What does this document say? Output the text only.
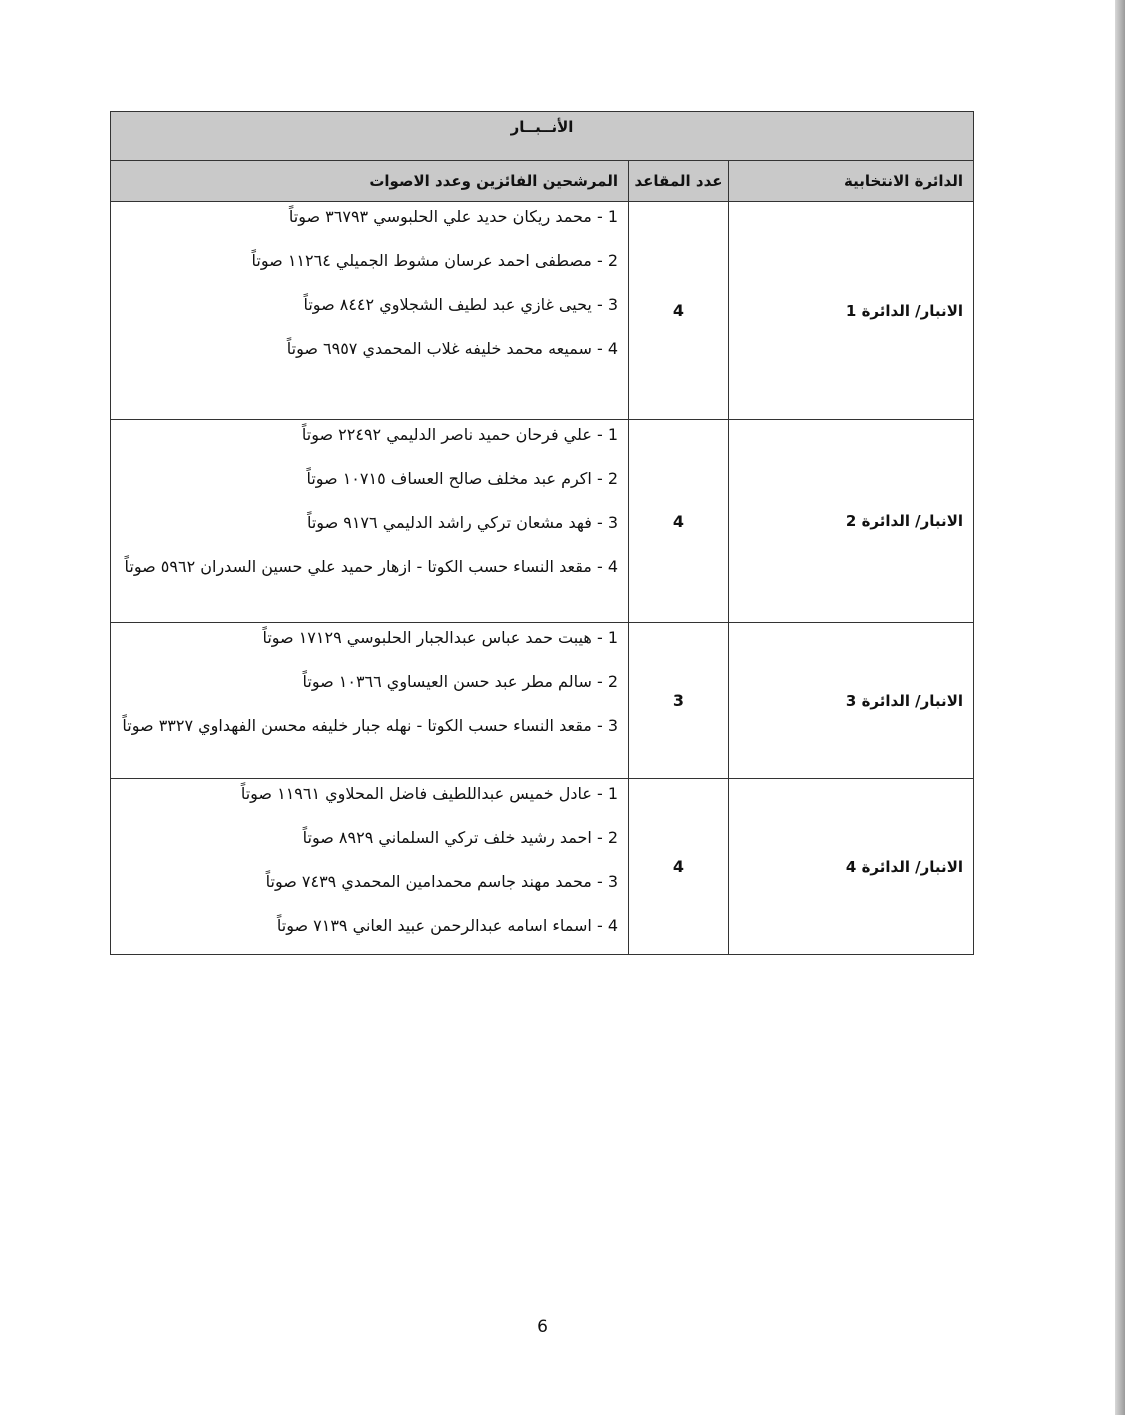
الأنــبــار		
الدائرة الانتخابية	عدد المقاعد	المرشحين الفائزين وعدد الاصوات
الانبار/ الدائرة 1	4	1 - محمد ريكان حديد علي الحلبوسي ٣٦٧٩٣ صوتاً
2 - مصطفى احمد عرسان مشوط الجميلي ١١٢٦٤ صوتاً
3 - يحيى غازي عبد لطيف الشجلاوي ٨٤٤٢ صوتاً
4 - سميعه محمد خليفه غلاب المحمدي ٦٩٥٧ صوتاً

الانبار/ الدائرة 2	4	1 - علي فرحان حميد ناصر الدليمي ٢٢٤٩٢ صوتاً
2 - اكرم عبد مخلف صالح العساف ١٠٧١٥ صوتاً
3 - فهد مشعان تركي راشد الدليمي ٩١٧٦ صوتاً
4 - مقعد النساء حسب الكوتا - ازهار حميد علي حسين السدران ٥٩٦٢ صوتاً

الانبار/ الدائرة 3	3	1 - هيبت حمد عباس عبدالجبار الحلبوسي ١٧١٢٩ صوتاً
2 - سالم مطر عبد حسن العيساوي ١٠٣٦٦ صوتاً
3 - مقعد النساء حسب الكوتا - نهله جبار خليفه محسن الفهداوي ٣٣٢٧ صوتاً

الانبار/ الدائرة 4	4	1 - عادل خميس عبداللطيف فاضل المحلاوي ١١٩٦١ صوتاً
2 - احمد رشيد خلف تركي السلماني ٨٩٢٩ صوتاً
3 - محمد مهند جاسم محمدامين المحمدي ٧٤٣٩ صوتاً
4 - اسماء اسامه عبدالرحمن عبيد العاني ٧١٣٩ صوتاً
6
